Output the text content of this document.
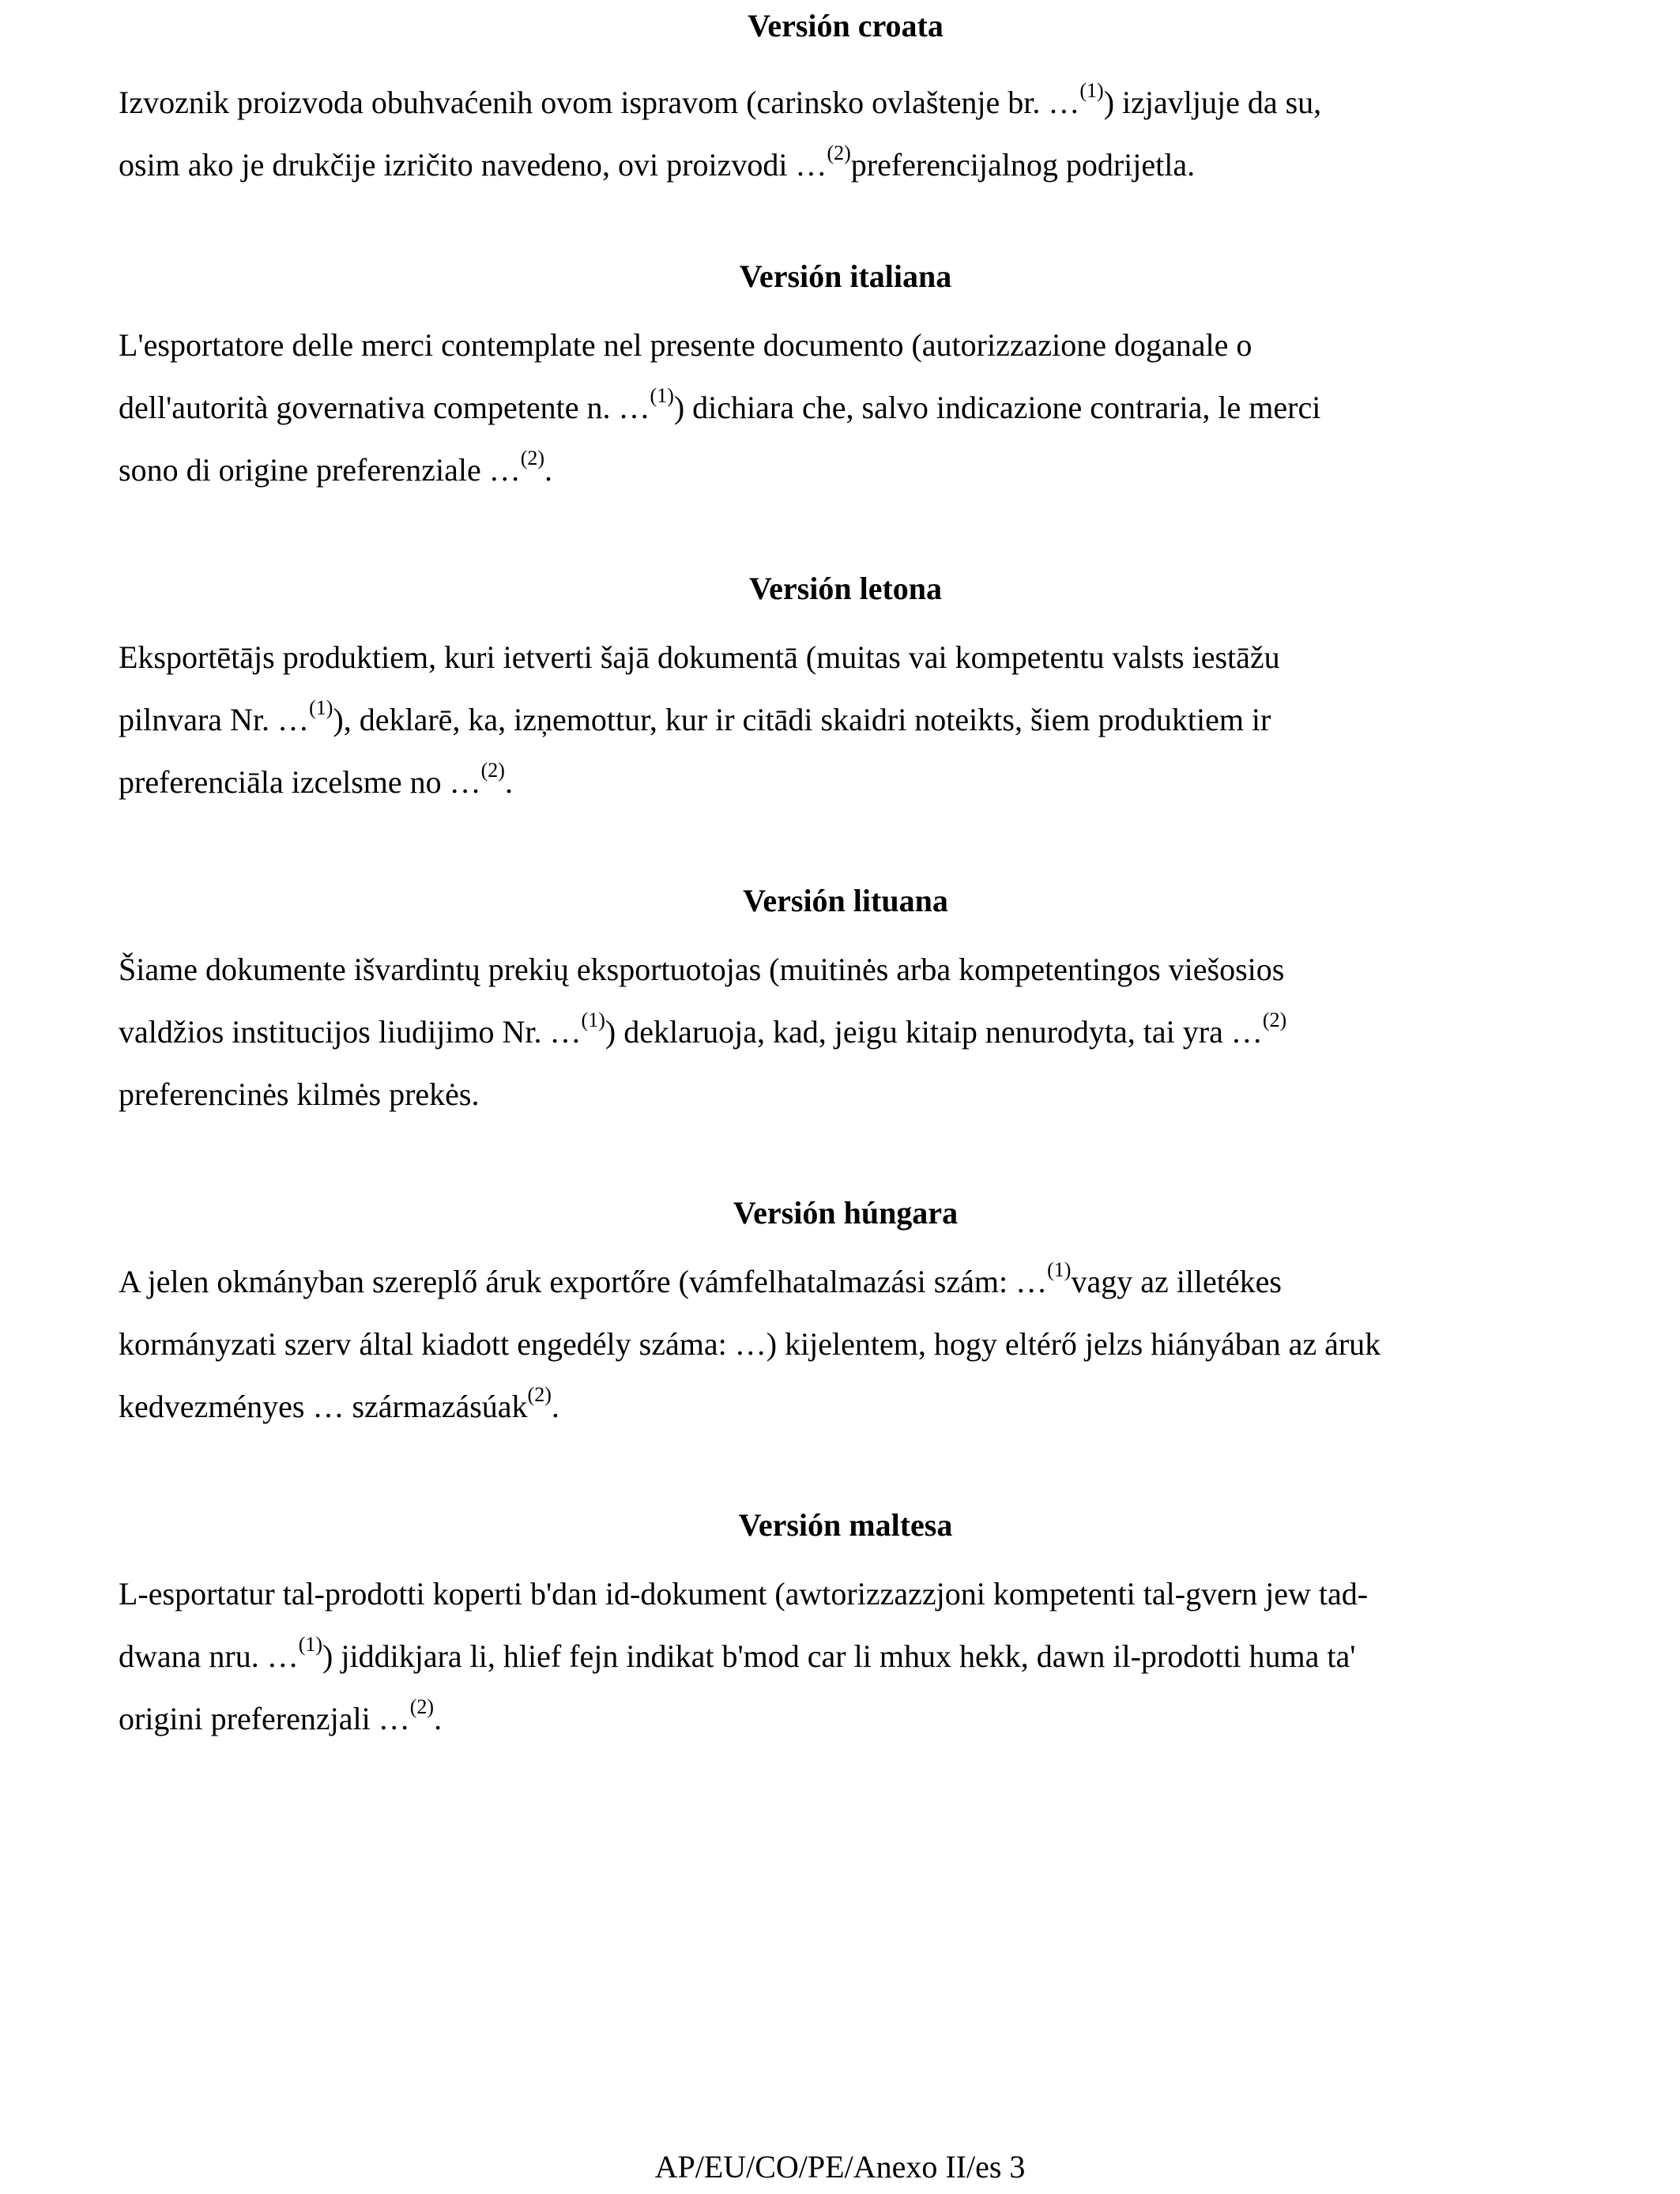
Versión croata
Izvoznik proizvoda obuhvaćenih ovom ispravom (carinsko ovlaštenje br. …$^{(1)}$) izjavljuje da su,
osim ako je drukčije izričito navedeno, ovi proizvodi …$^{(2)}$preferencijalnog podrijetla.
Versión italiana
L'esportatore delle merci contemplate nel presente documento (autorizzazione doganale o
dell'autorità governativa competente n. …$^{(1)}$) dichiara che, salvo indicazione contraria, le merci
sono di origine preferenziale …$^{(2)}$.
Versión letona
Eksportētājs produktiem, kuri ietverti šajā dokumentā (muitas vai kompetentu valsts iestāžu
pilnvara Nr. …$^{(1)}$), deklarē, ka, izņemottur, kur ir citādi skaidri noteikts, šiem produktiem ir
preferenciāla izcelsme no …$^{(2)}$.
Versión lituana
Šiame dokumente išvardintų prekių eksportuotojas (muitinės arba kompetentingos viešosios
valdžios institucijos liudijimo Nr. …$^{(1)}$) deklaruoja, kad, jeigu kitaip nenurodyta, tai yra …$^{(2)}$
preferencinės kilmės prekės.
Versión húngara
A jelen okmányban szereplő áruk exportőre (vámfelhatalmazási szám: …$^{(1)}$vagy az illetékes
kormányzati szerv által kiadott engedély száma: …) kijelentem, hogy eltérő jelzs hiányában az áruk
kedvezményes … származásúak$^{(2)}$.
Versión maltesa
L-esportatur tal-prodotti koperti b'dan id-dokument (awtorizzazzjoni kompetenti tal-gvern jew tad-
dwana nru. …$^{(1)}$) jiddikjara li, hlief fejn indikat b'mod car li mhux hekk, dawn il-prodotti huma ta'
origini preferenzjali …$^{(2)}$.
AP/EU/CO/PE/Anexo II/es 3
